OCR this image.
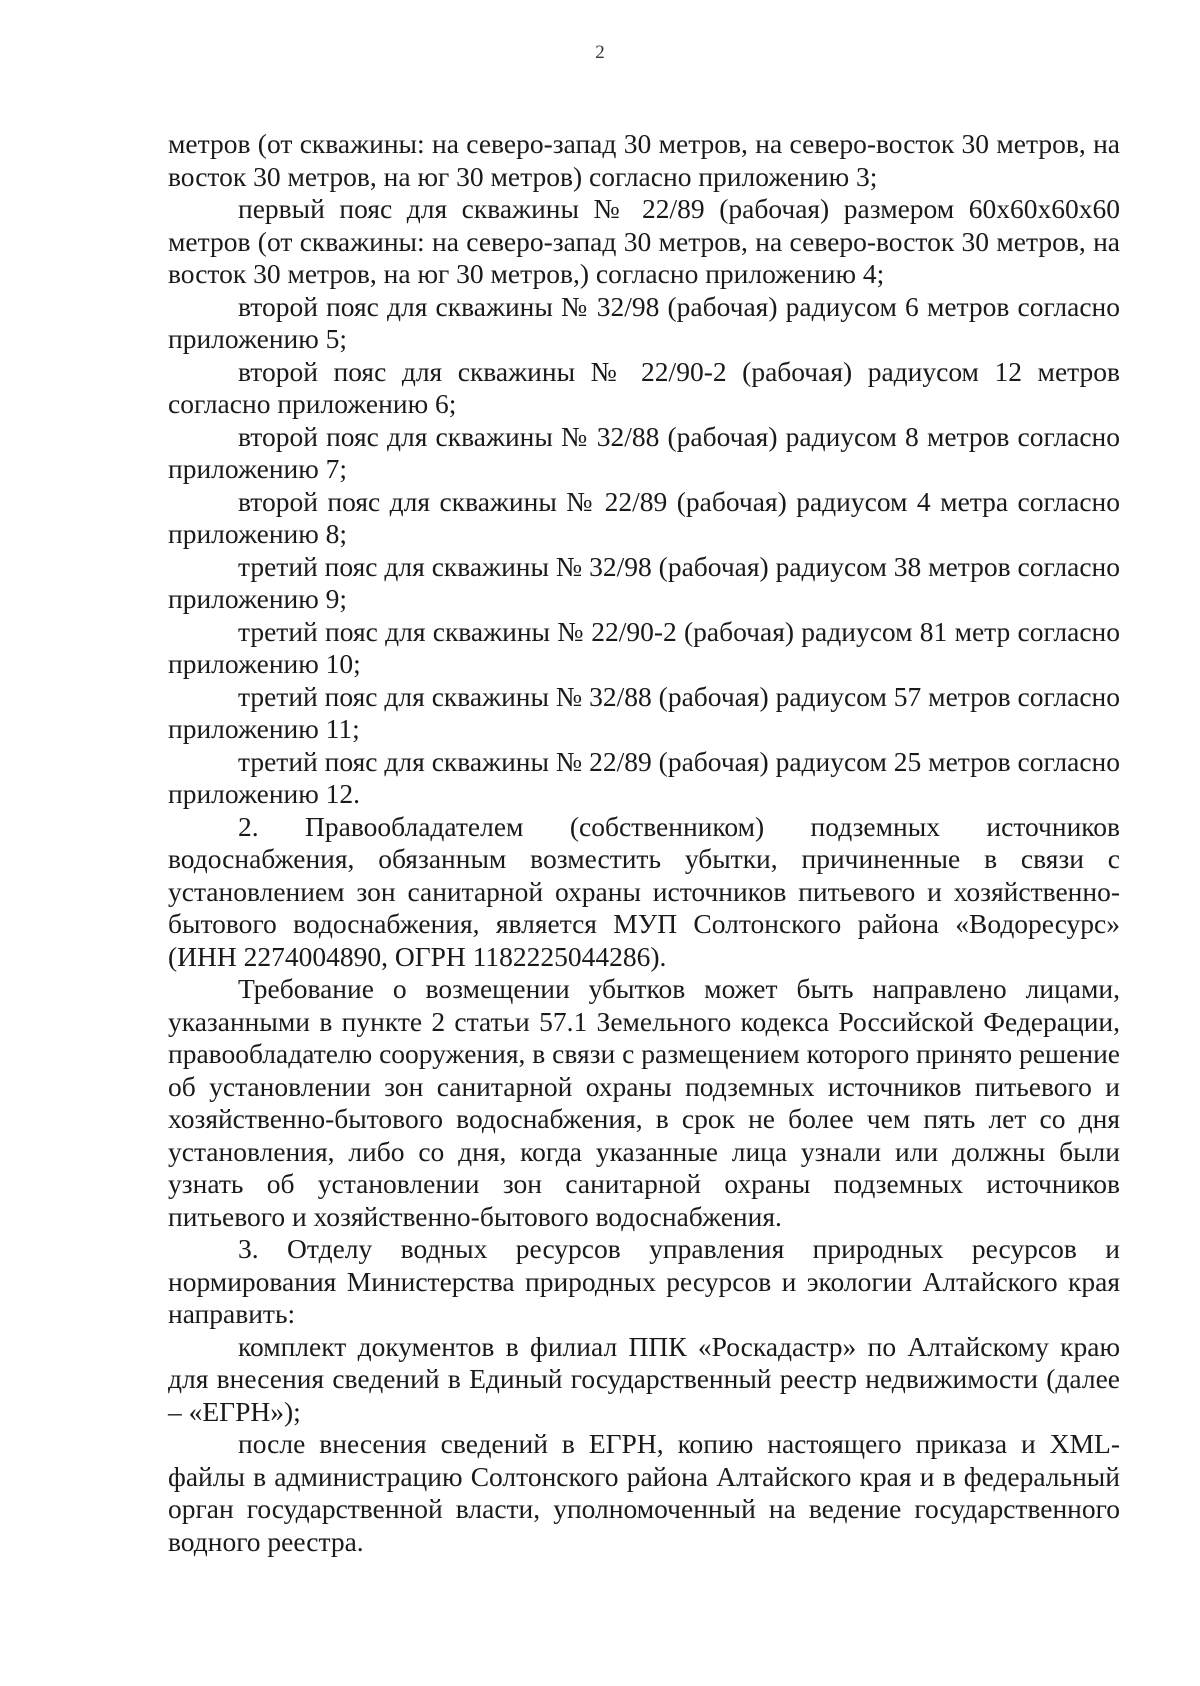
2

метров (от скважины: на северо-запад 30 метров, на северо-восток 30 метров, на восток 30 метров, на юг 30 метров) согласно приложению 3;

первый пояс для скважины № 22/89 (рабочая) размером 60х60х60х60 метров (от скважины: на северо-запад 30 метров, на северо-восток 30 метров, на восток 30 метров, на юг 30 метров,) согласно приложению 4;

второй пояс для скважины № 32/98 (рабочая) радиусом 6 метров согласно приложению 5;

второй пояс для скважины № 22/90-2 (рабочая) радиусом 12 метров согласно приложению 6;

второй пояс для скважины № 32/88 (рабочая) радиусом 8 метров согласно приложению 7;

второй пояс для скважины № 22/89 (рабочая) радиусом 4 метра согласно приложению 8;

третий пояс для скважины № 32/98 (рабочая) радиусом 38 метров согласно приложению 9;

третий пояс для скважины № 22/90-2 (рабочая) радиусом 81 метр согласно приложению 10;

третий пояс для скважины № 32/88 (рабочая) радиусом 57 метров согласно приложению 11;

третий пояс для скважины № 22/89 (рабочая) радиусом 25 метров согласно приложению 12.

2. Правообладателем (собственником) подземных источников водоснабжения, обязанным возместить убытки, причиненные в связи с установлением зон санитарной охраны источников питьевого и хозяйственно-бытового водоснабжения, является МУП Солтонского района «Водоресурс» (ИНН 2274004890, ОГРН 1182225044286).

Требование о возмещении убытков может быть направлено лицами, указанными в пункте 2 статьи 57.1 Земельного кодекса Российской Федерации, правообладателю сооружения, в связи с размещением которого принято решение об установлении зон санитарной охраны подземных источников питьевого и хозяйственно-бытового водоснабжения, в срок не более чем пять лет со дня установления, либо со дня, когда указанные лица узнали или должны были узнать об установлении зон санитарной охраны подземных источников питьевого и хозяйственно-бытового водоснабжения.

3. Отделу водных ресурсов управления природных ресурсов и нормирования Министерства природных ресурсов и экологии Алтайского края направить:

комплект документов в филиал ППК «Роскадастр» по Алтайскому краю для внесения сведений в Единый государственный реестр недвижимости (далее – «ЕГРН»);

после внесения сведений в ЕГРН, копию настоящего приказа и XML-файлы в администрацию Солтонского района Алтайского края и в федеральный орган государственной власти, уполномоченный на ведение государственного водного реестра.
